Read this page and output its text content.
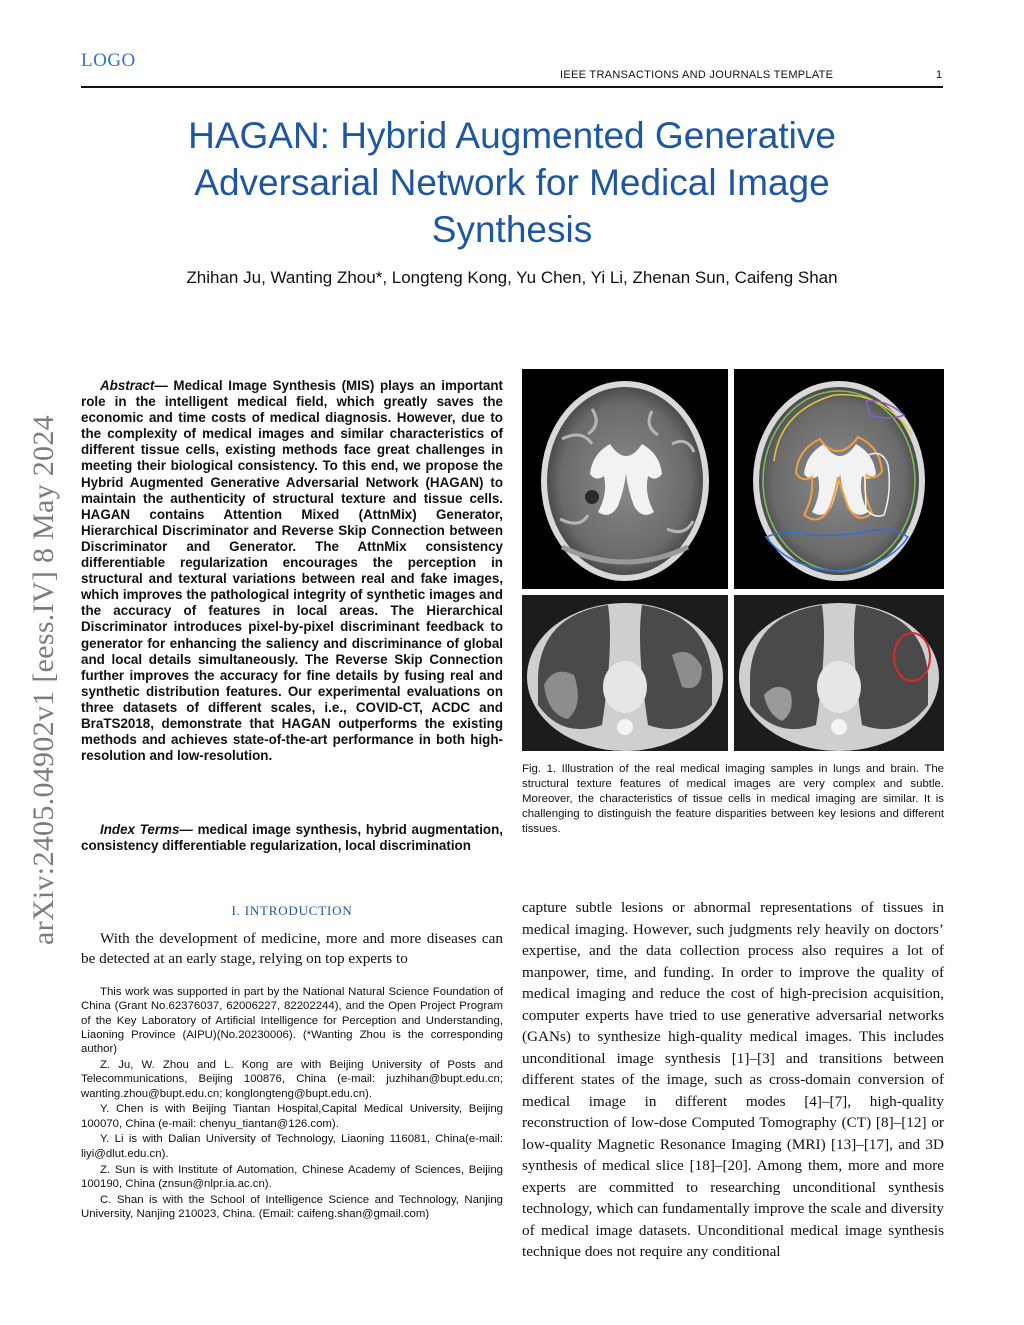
LOGO
IEEE TRANSACTIONS AND JOURNALS TEMPLATE	1
HAGAN: Hybrid Augmented Generative Adversarial Network for Medical Image Synthesis
Zhihan Ju, Wanting Zhou*, Longteng Kong, Yu Chen, Yi Li, Zhenan Sun, Caifeng Shan
arXiv:2405.04902v1 [eess.IV] 8 May 2024
Abstract— Medical Image Synthesis (MIS) plays an important role in the intelligent medical field, which greatly saves the economic and time costs of medical diagnosis. However, due to the complexity of medical images and similar characteristics of different tissue cells, existing methods face great challenges in meeting their biological consistency. To this end, we propose the Hybrid Augmented Generative Adversarial Network (HAGAN) to maintain the authenticity of structural texture and tissue cells. HAGAN contains Attention Mixed (AttnMix) Generator, Hierarchical Discriminator and Reverse Skip Connection between Discriminator and Generator. The AttnMix consistency differentiable regularization encourages the perception in structural and textural variations between real and fake images, which improves the pathological integrity of synthetic images and the accuracy of features in local areas. The Hierarchical Discriminator introduces pixel-by-pixel discriminant feedback to generator for enhancing the saliency and discriminance of global and local details simultaneously. The Reverse Skip Connection further improves the accuracy for fine details by fusing real and synthetic distribution features. Our experimental evaluations on three datasets of different scales, i.e., COVID-CT, ACDC and BraTS2018, demonstrate that HAGAN outperforms the existing methods and achieves state-of-the-art performance in both high-resolution and low-resolution.
Index Terms— medical image synthesis, hybrid augmentation, consistency differentiable regularization, local discrimination
Fig. 1. Illustration of the real medical imaging samples in lungs and brain. The structural texture features of medical images are very complex and subtle. Moreover, the characteristics of tissue cells in medical imaging are similar. It is challenging to distinguish the feature disparities between key lesions and different tissues.
I. INTRODUCTION

With the development of medicine, more and more diseases can be detected at an early stage, relying on top experts to

This work was supported in part by the National Natural Science Foundation of China (Grant No.62376037, 62006227, 82202244), and the Open Project Program of the Key Laboratory of Artificial Intelligence for Perception and Understanding, Liaoning Province (AIPU)(No.20230006). (*Wanting Zhou is the corresponding author)

Z. Ju, W. Zhou and L. Kong are with Beijing University of Posts and Telecommunications, Beijing 100876, China (e-mail: juzhihan@bupt.edu.cn; wanting.zhou@bupt.edu.cn; konglongteng@bupt.edu.cn).

Y. Chen is with Beijing Tiantan Hospital,Capital Medical University, Beijing 100070, China (e-mail: chenyu_tiantan@126.com).

Y. Li is with Dalian University of Technology, Liaoning 116081, China(e-mail: liyi@dlut.edu.cn).

Z. Sun is with Institute of Automation, Chinese Academy of Sciences, Beijing 100190, China (znsun@nlpr.ia.ac.cn).

C. Shan is with the School of Intelligence Science and Technology, Nanjing University, Nanjing 210023, China. (Email: caifeng.shan@gmail.com)

capture subtle lesions or abnormal representations of tissues in medical imaging. However, such judgments rely heavily on doctors’ expertise, and the data collection process also requires a lot of manpower, time, and funding. In order to improve the quality of medical imaging and reduce the cost of high-precision acquisition, computer experts have tried to use generative adversarial networks (GANs) to synthesize high-quality medical images. This includes unconditional image synthesis [1]–[3] and transitions between different states of the image, such as cross-domain conversion of medical image in different modes [4]–[7], high-quality reconstruction of low-dose Computed Tomography (CT) [8]–[12] or low-quality Magnetic Resonance Imaging (MRI) [13]–[17], and 3D synthesis of medical slice [18]–[20]. Among them, more and more experts are committed to researching unconditional synthesis technology, which can fundamentally improve the scale and diversity of medical image datasets. Unconditional medical image synthesis technique does not require any conditional
